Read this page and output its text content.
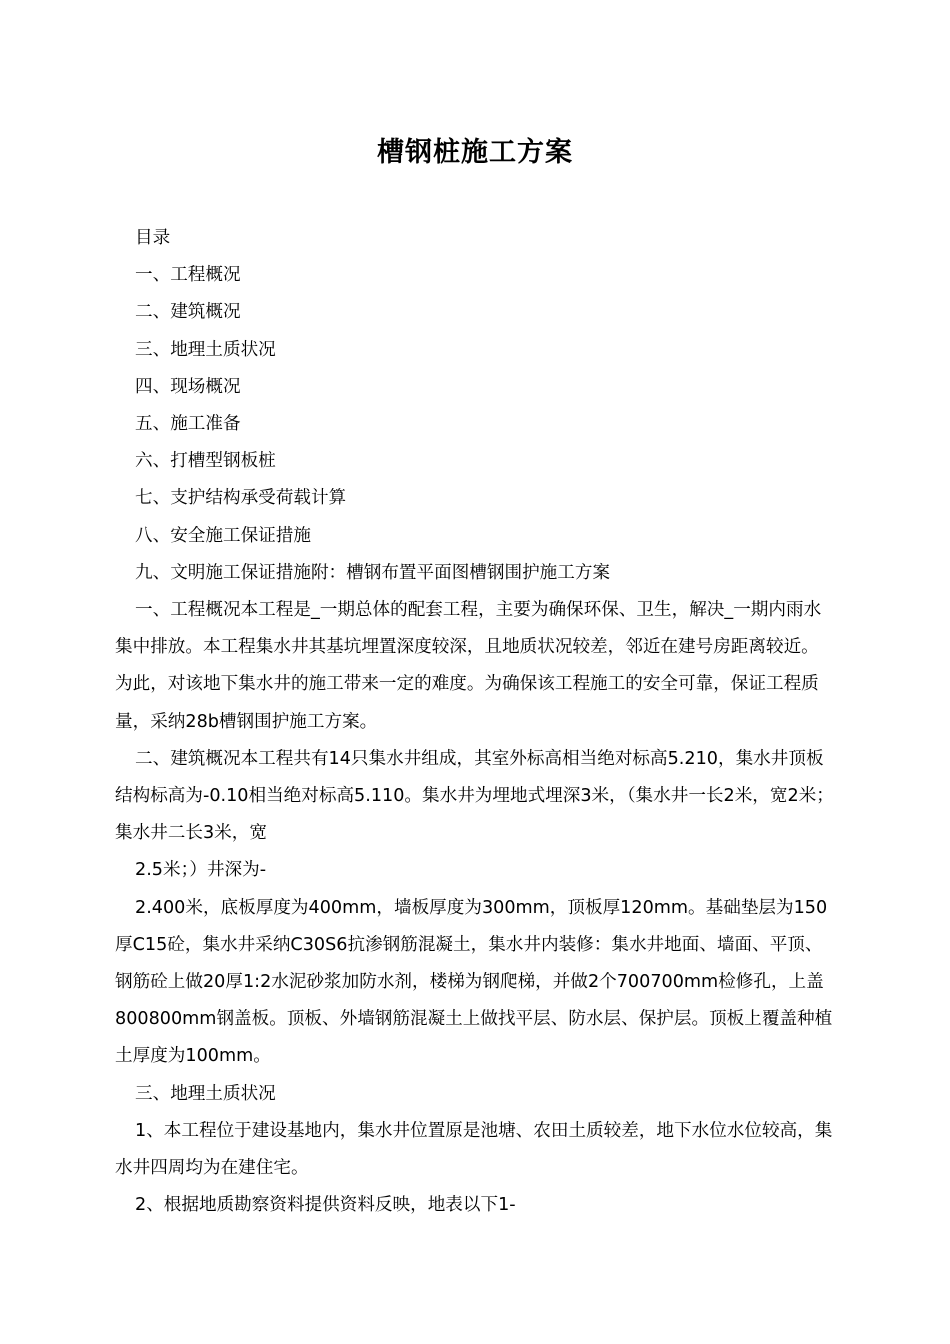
槽钢桩施工方案

目录

一、工程概况

二、建筑概况

三、地理土质状况

四、现场概况

五、施工准备

六、打槽型钢板桩

七、支护结构承受荷载计算

八、安全施工保证措施

九、文明施工保证措施附：槽钢布置平面图槽钢围护施工方案

一、工程概况本工程是_一期总体的配套工程，主要为确保环保、卫生，解决_一期内雨水集中排放。本工程集水井其基坑埋置深度较深，且地质状况较差，邻近在建号房距离较近。为此，对该地下集水井的施工带来一定的难度。为确保该工程施工的安全可靠，保证工程质量，采纳28b槽钢围护施工方案。

二、建筑概况本工程共有14只集水井组成，其室外标高相当绝对标高5.210，集水井顶板结构标高为-0.10相当绝对标高5.110。集水井为埋地式埋深3米，（集水井一长2米，宽2米；集水井二长3米，宽

2.5米；）井深为-

2.400米，底板厚度为400mm，墙板厚度为300mm，顶板厚120mm。基础垫层为150厚C15砼，集水井采纳C30S6抗渗钢筋混凝土，集水井内装修：集水井地面、墙面、平顶、钢筋砼上做20厚1:2水泥砂浆加防水剂，楼梯为钢爬梯，并做2个700700mm检修孔，上盖800800mm钢盖板。顶板、外墙钢筋混凝土上做找平层、防水层、保护层。顶板上覆盖种植土厚度为100mm。

三、地理土质状况

1、本工程位于建设基地内，集水井位置原是池塘、农田土质较差，地下水位水位较高，集水井四周均为在建住宅。

2、根据地质勘察资料提供资料反映，地表以下1-
